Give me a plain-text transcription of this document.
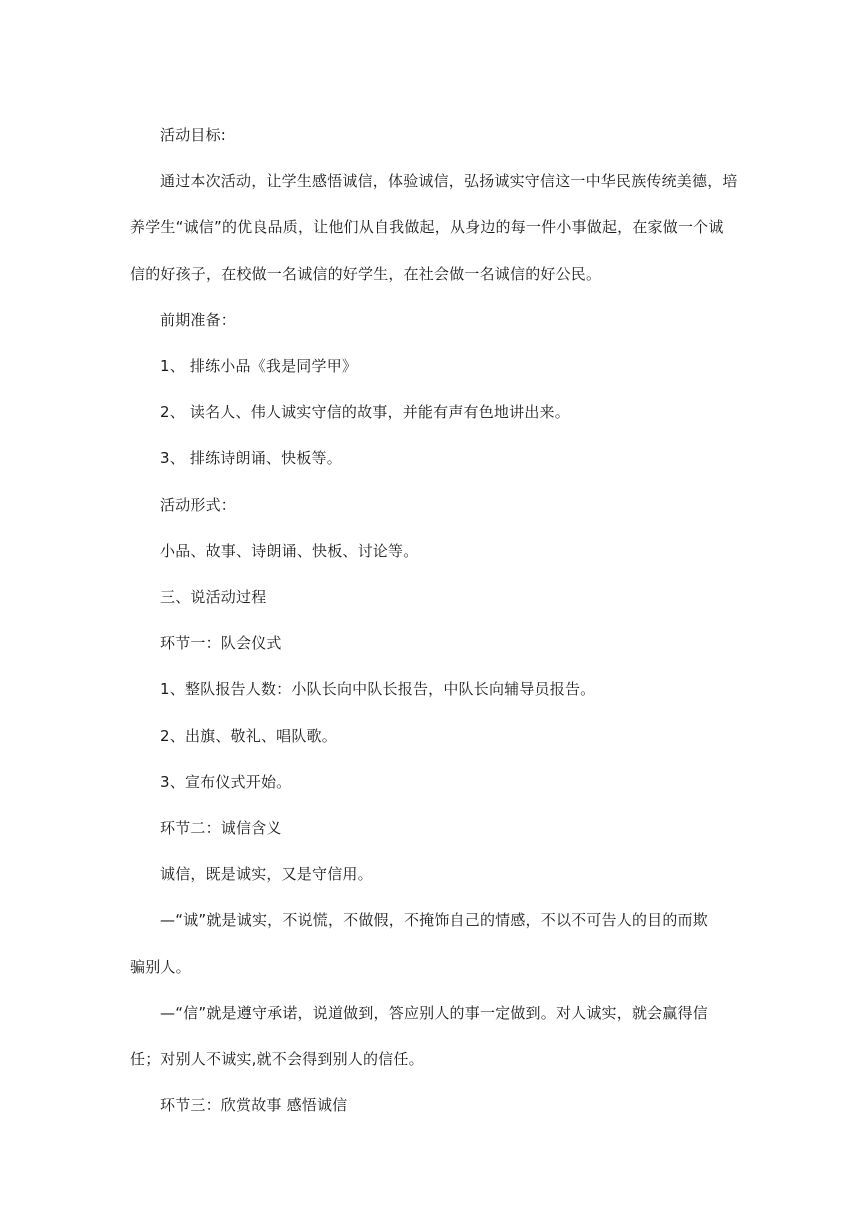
活动目标:

通过本次活动，让学生感悟诚信，体验诚信，弘扬诚实守信这一中华民族传统美德，培

养学生“诚信”的优良品质，让他们从自我做起，从身边的每一件小事做起，在家做一个诚

信的好孩子，在校做一名诚信的好学生，在社会做一名诚信的好公民。

前期准备：

1、 排练小品《我是同学甲》

2、 读名人、伟人诚实守信的故事，并能有声有色地讲出来。

3、 排练诗朗诵、快板等。

活动形式：

小品、故事、诗朗诵、快板、讨论等。

三、说活动过程

环节一：队会仪式

1、整队报告人数：小队长向中队长报告，中队长向辅导员报告。

2、出旗、敬礼、唱队歌。

3、宣布仪式开始。

环节二：诚信含义

诚信，既是诚实，又是守信用。

—“诚”就是诚实，不说慌，不做假，不掩饰自己的情感，不以不可告人的目的而欺

骗别人。

—“信”就是遵守承诺，说道做到，答应别人的事一定做到。对人诚实，就会赢得信

任；对别人不诚实,就不会得到别人的信任。

环节三：欣赏故事 感悟诚信
